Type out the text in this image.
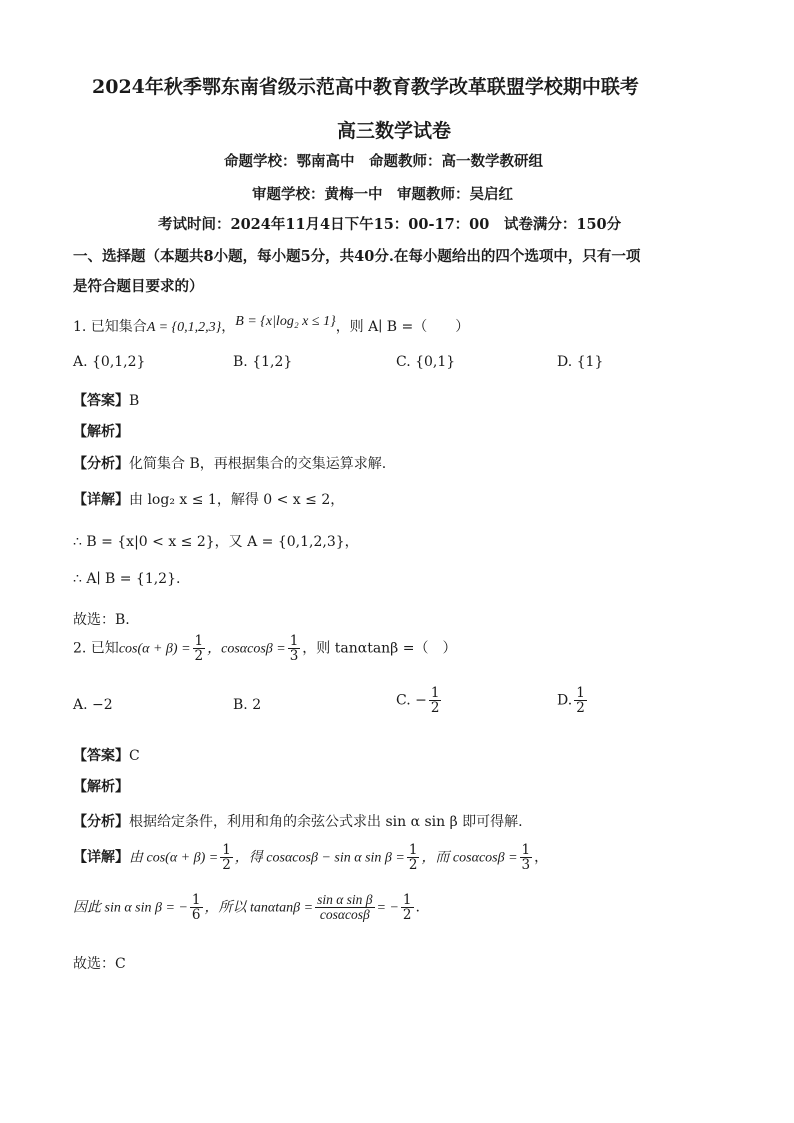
2024年秋季鄂东南省级示范高中教育教学改革联盟学校期中联考
高三数学试卷
命题学校：鄂南高中　命题教师：高一数学教研组
审题学校：黄梅一中　审题教师：吴启红
考试时间：2024年11月4日下午15：00-17：00　试卷满分：150分
一、选择题（本题共8小题，每小题5分，共40分.在每小题给出的四个选项中，只有一项
是符合题目要求的）
1. 已知集合A = {0,1,2,3}，B = {x|log₂ x ≤ 1}，则 A∣ B =（　　）
A. {0,1,2}	B. {1,2}	C. {0,1}	D. {1}
【答案】B
【解析】
【分析】化简集合 B，再根据集合的交集运算求解.
【详解】由 log₂ x ≤ 1，解得 0 < x ≤ 2，
∴ B = {x|0 < x ≤ 2}，又 A = {0,1,2,3}，
∴ A∣ B = {1,2}.
故选：B.
2. 已知$\cos(\alpha + \beta) = \frac{1}{2}$ ，$\cos\alpha\cos\beta = \frac{1}{3}$ ，则 tanαtanβ =（　）
A. −2	B. 2	C. − $\frac{1}{2}$	D. $\frac{1}{2}$
【答案】C
【解析】
【分析】根据给定条件，利用和角的余弦公式求出 sin α sin β 即可得解.
【详解】由 $\cos(\alpha + \beta) = \frac{1}{2}$ ，得 cosαcosβ − sin α $\sin \beta = \frac{1}{2}$ ，而 $\cos\alpha\cos\beta = \frac{1}{3}$ ，
因此 sin α sin β = − $\frac{1}{6}$ ，所以 $\tan\alpha\tan\beta = \frac{\text{sin α sin β}}{\cos\alpha\cos\beta}$ = − $\frac{1}{2}$ .
故选：C
